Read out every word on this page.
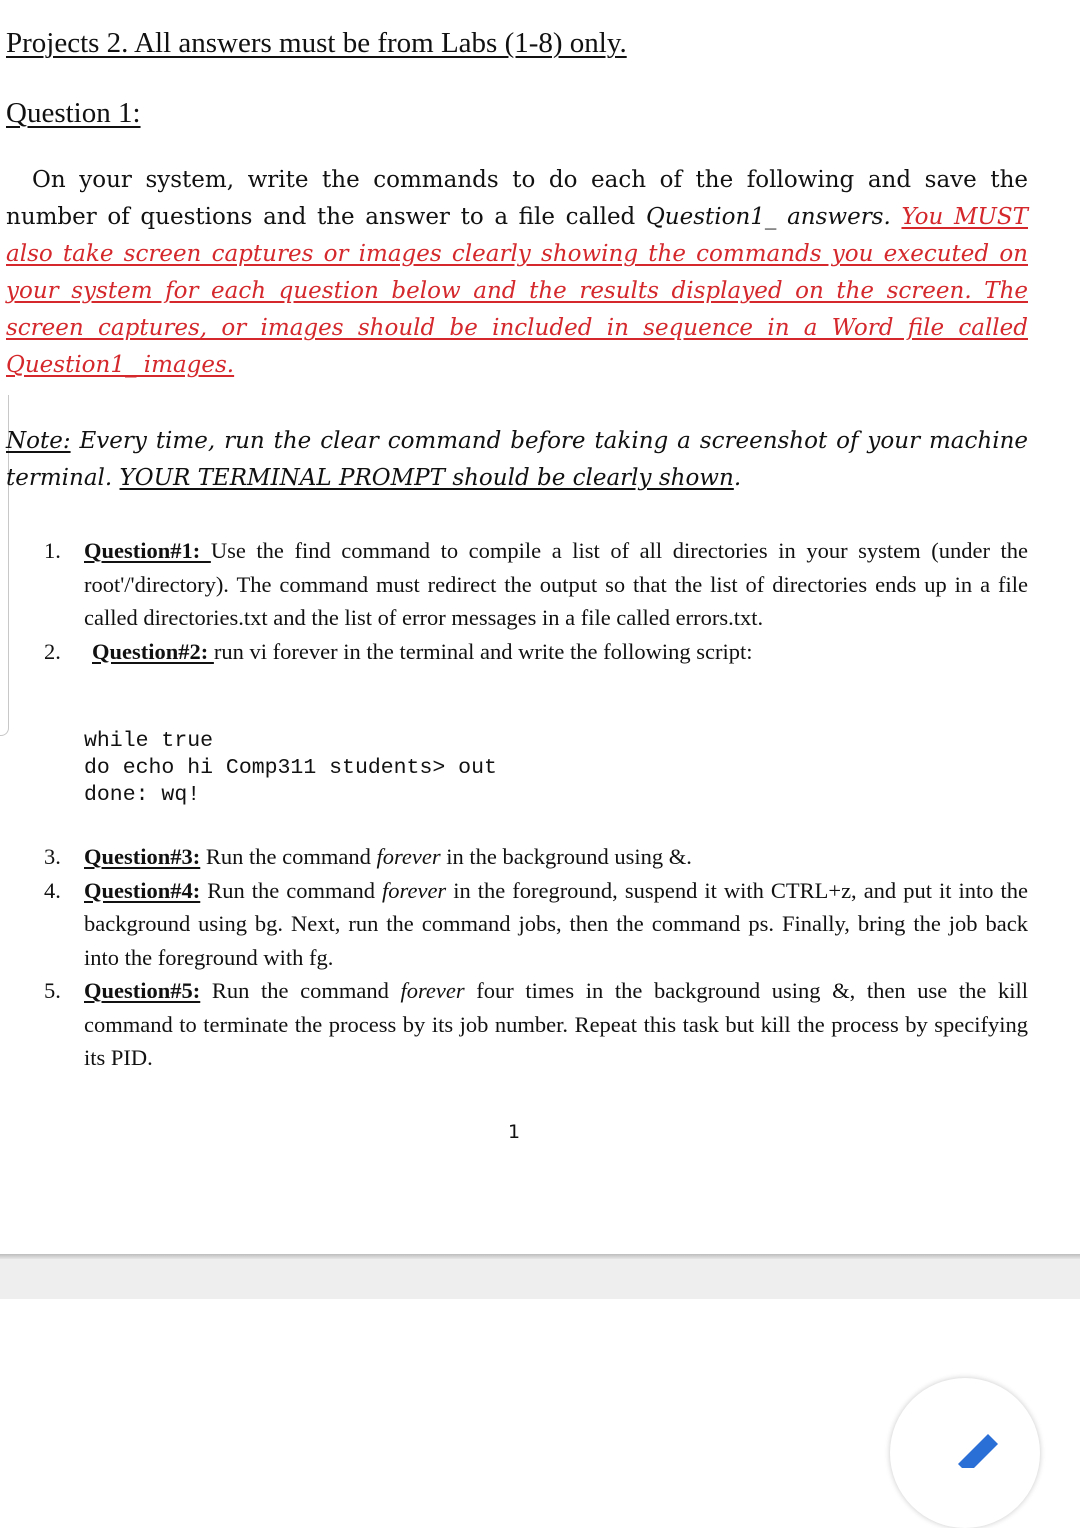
Projects 2. All answers must be from Labs (1-8) only.
Question 1:

On your system, write the commands to do each of the following and save the number of questions and the answer to a file called Question1_ answers. You MUST also take screen captures or images clearly showing the commands you executed on your system for each question below and the results displayed on the screen. The screen captures, or images should be included in sequence in a Word file called Question1_ images.

Note: Every time, run the clear command before taking a screenshot of your machine terminal. YOUR TERMINAL PROMPT should be clearly shown.

1. Question#1: Use the find command to compile a list of all directories in your system (under the root'/'directory). The command must redirect the output so that the list of directories ends up in a file called directories.txt and the list of error messages in a file called errors.txt.
2. Question#2: run vi forever in the terminal and write the following script:
while true
do echo hi Comp311 students> out
done: wq!
3. Question#3: Run the command forever in the background using &.
4. Question#4: Run the command forever in the foreground, suspend it with CTRL+z, and put it into the background using bg. Next, run the command jobs, then the command ps. Finally, bring the job back into the foreground with fg.
5. Question#5: Run the command forever four times in the background using &, then use the kill command to terminate the process by its job number. Repeat this task but kill the process by specifying its PID.
1
